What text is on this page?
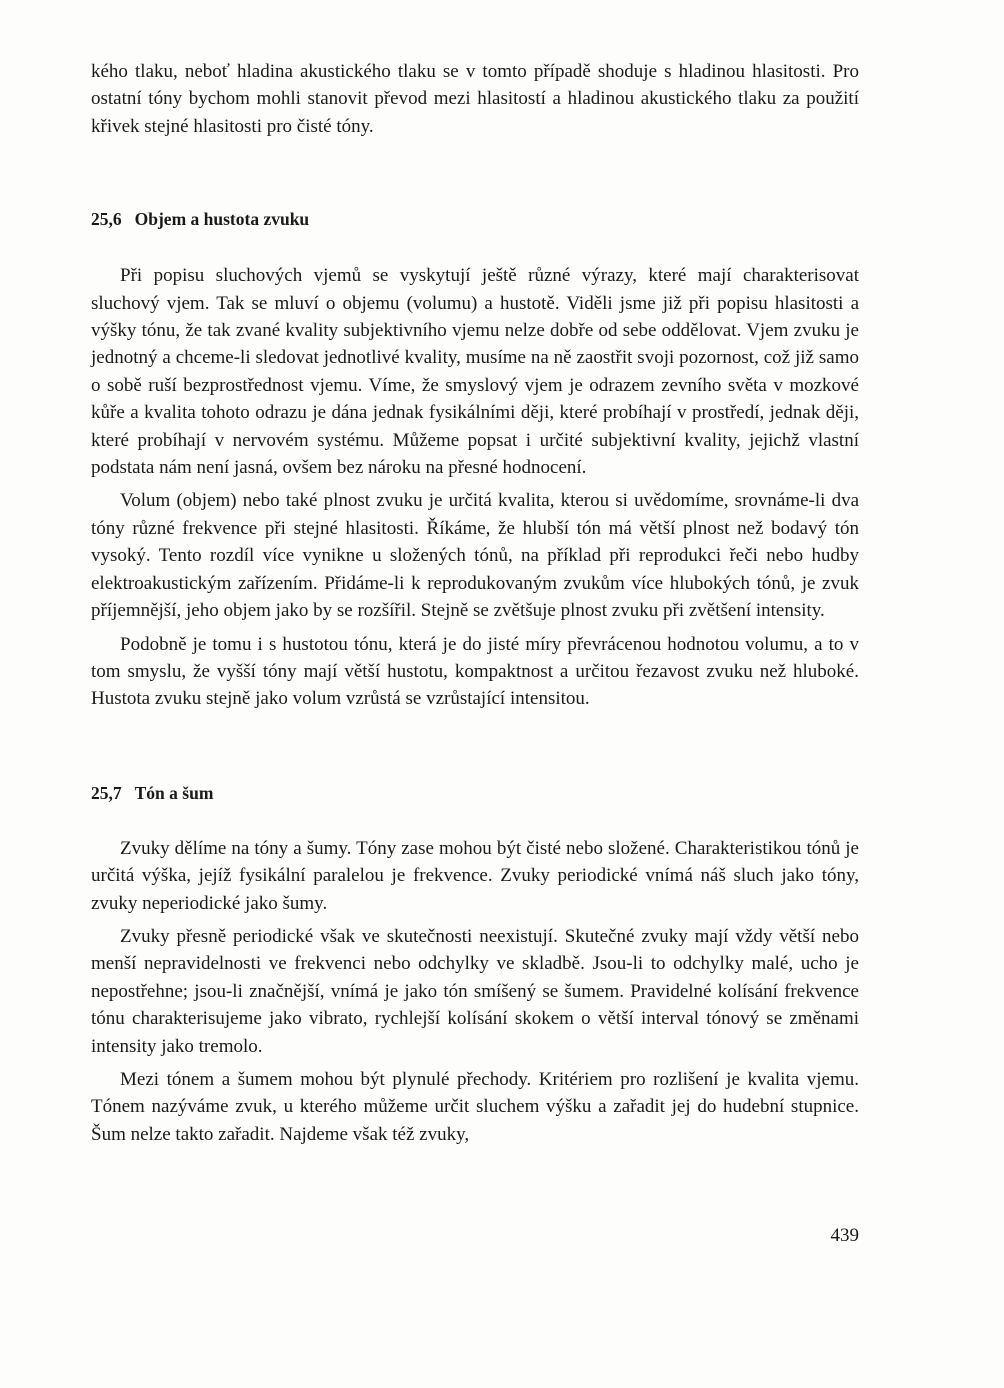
kého tlaku, neboť hladina akustického tlaku se v tomto případě shoduje s hladinou hlasitosti. Pro ostatní tóny bychom mohli stanovit převod mezi hlasitostí a hladinou akustického tlaku za použití křivek stejné hlasitosti pro čisté tóny.

25,6 Objem a hustota zvuku

Při popisu sluchových vjemů se vyskytují ještě různé výrazy, které mají charakterisovat sluchový vjem. Tak se mluví o objemu (volumu) a hustotě. Viděli jsme již při popisu hlasitosti a výšky tónu, že tak zvané kvality subjektivního vjemu nelze dobře od sebe oddělovat. Vjem zvuku je jednotný a chceme-li sledovat jednotlivé kvality, musíme na ně zaostřit svoji pozornost, což již samo o sobě ruší bezprostřednost vjemu. Víme, že smyslový vjem je odrazem zevního světa v mozkové kůře a kvalita tohoto odrazu je dána jednak fysikálními ději, které probíhají v prostředí, jednak ději, které probíhají v nervovém systému. Můžeme popsat i určité subjektivní kvality, jejichž vlastní podstata nám není jasná, ovšem bez nároku na přesné hodnocení.

Volum (objem) nebo také plnost zvuku je určitá kvalita, kterou si uvědomíme, srovnáme-li dva tóny různé frekvence při stejné hlasitosti. Říkáme, že hlubší tón má větší plnost než bodavý tón vysoký. Tento rozdíl více vynikne u složených tónů, na příklad při reprodukci řeči nebo hudby elektroakustickým zařízením. Přidáme-li k reprodukovaným zvukům více hlubokých tónů, je zvuk příjemnější, jeho objem jako by se rozšířil. Stejně se zvětšuje plnost zvuku při zvětšení intensity.

Podobně je tomu i s hustotou tónu, která je do jisté míry převrácenou hodnotou volumu, a to v tom smyslu, že vyšší tóny mají větší hustotu, kompaktnost a určitou řezavost zvuku než hluboké. Hustota zvuku stejně jako volum vzrůstá se vzrůstající intensitou.

25,7 Tón a šum

Zvuky dělíme na tóny a šumy. Tóny zase mohou být čisté nebo složené. Charakteristikou tónů je určitá výška, jejíž fysikální paralelou je frekvence. Zvuky periodické vnímá náš sluch jako tóny, zvuky neperiodické jako šumy.

Zvuky přesně periodické však ve skutečnosti neexistují. Skutečné zvuky mají vždy větší nebo menší nepravidelnosti ve frekvenci nebo odchylky ve skladbě. Jsou-li to odchylky malé, ucho je nepostřehne; jsou-li značnější, vnímá je jako tón smíšený se šumem. Pravidelné kolísání frekvence tónu charakterisujeme jako vibrato, rychlejší kolísání skokem o větší interval tónový se změnami intensity jako tremolo.

Mezi tónem a šumem mohou být plynulé přechody. Kritériem pro rozlišení je kvalita vjemu. Tónem nazýváme zvuk, u kterého můžeme určit sluchem výšku a zařadit jej do hudební stupnice. Šum nelze takto zařadit. Najdeme však též zvuky,

439
